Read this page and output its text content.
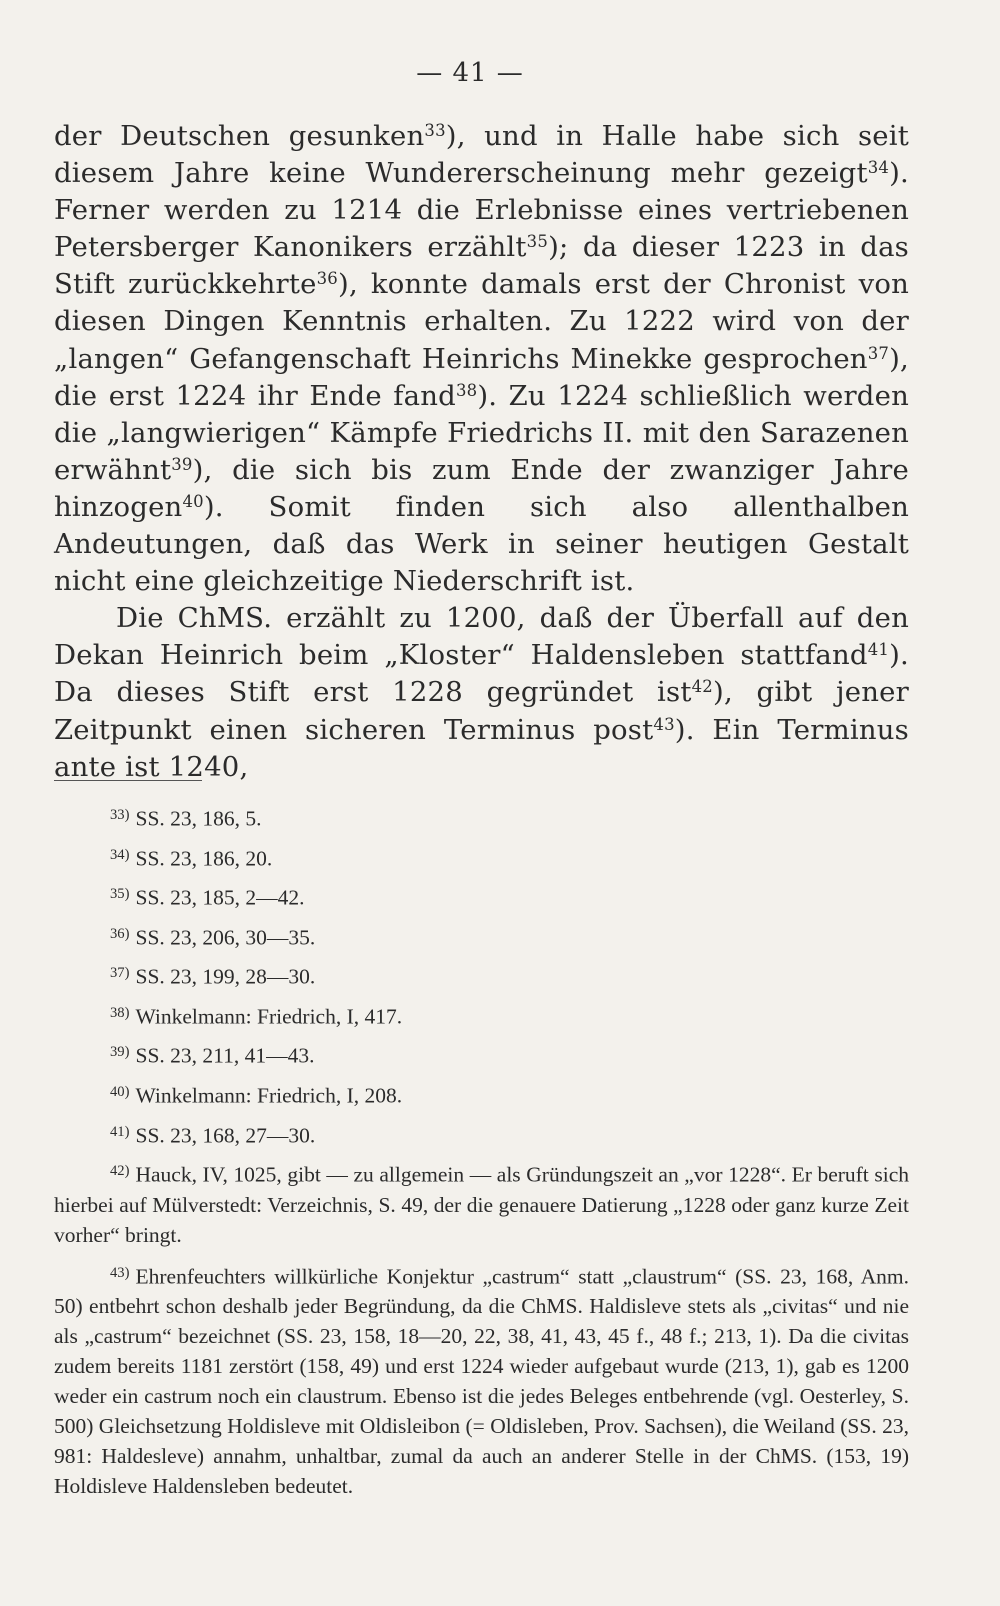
— 41 —

der Deutschen gesunken$^{33}$), und in Halle habe sich seit diesem Jahre keine Wundererscheinung mehr gezeigt$^{34}$). Ferner werden zu 1214 die Erlebnisse eines vertriebenen Petersberger Kanonikers erzählt$^{35}$); da dieser 1223 in das Stift zurückkehrte$^{36}$), konnte damals erst der Chronist von diesen Dingen Kenntnis erhalten. Zu 1222 wird von der „langen“ Gefangenschaft Heinrichs Minekke gesprochen$^{37}$), die erst 1224 ihr Ende fand$^{38}$). Zu 1224 schließlich werden die „langwierigen“ Kämpfe Friedrichs II. mit den Sarazenen erwähnt$^{39}$), die sich bis zum Ende der zwanziger Jahre hinzogen$^{40}$). Somit finden sich also allenthalben Andeutungen, daß das Werk in seiner heutigen Gestalt nicht eine gleichzeitige Niederschrift ist.

Die ChMS. erzählt zu 1200, daß der Überfall auf den Dekan Heinrich beim „Kloster“ Haldensleben stattfand$^{41}$). Da dieses Stift erst 1228 gegründet ist$^{42}$), gibt jener Zeitpunkt einen sicheren Terminus post$^{43}$). Ein Terminus ante ist 1240,

$^{33)}$ SS. 23, 186, 5.
$^{34)}$ SS. 23, 186, 20.
$^{35)}$ SS. 23, 185, 2—42.
$^{36)}$ SS. 23, 206, 30—35.
$^{37)}$ SS. 23, 199, 28—30.
$^{38)}$ Winkelmann: Friedrich, I, 417.
$^{39)}$ SS. 23, 211, 41—43.
$^{40)}$ Winkelmann: Friedrich, I, 208.
$^{41)}$ SS. 23, 168, 27—30.
$^{42)}$ Hauck, IV, 1025, gibt — zu allgemein — als Gründungszeit an „vor 1228“. Er beruft sich hierbei auf Mülverstedt: Verzeichnis, S. 49, der die genauere Datierung „1228 oder ganz kurze Zeit vorher“ bringt.
$^{43)}$ Ehrenfeuchters willkürliche Konjektur „castrum“ statt „claustrum“ (SS. 23, 168, Anm. 50) entbehrt schon deshalb jeder Begründung, da die ChMS. Haldisleve stets als „civitas“ und nie als „castrum“ bezeichnet (SS. 23, 158, 18—20, 22, 38, 41, 43, 45 f., 48 f.; 213, 1). Da die civitas zudem bereits 1181 zerstört (158, 49) und erst 1224 wieder aufgebaut wurde (213, 1), gab es 1200 weder ein castrum noch ein claustrum. Ebenso ist die jedes Beleges entbehrende (vgl. Oesterley, S. 500) Gleichsetzung Holdisleve mit Oldisleibon (= Oldisleben, Prov. Sachsen), die Weiland (SS. 23, 981: Haldesleve) annahm, unhaltbar, zumal da auch an anderer Stelle in der ChMS. (153, 19) Holdisleve Haldensleben bedeutet.
